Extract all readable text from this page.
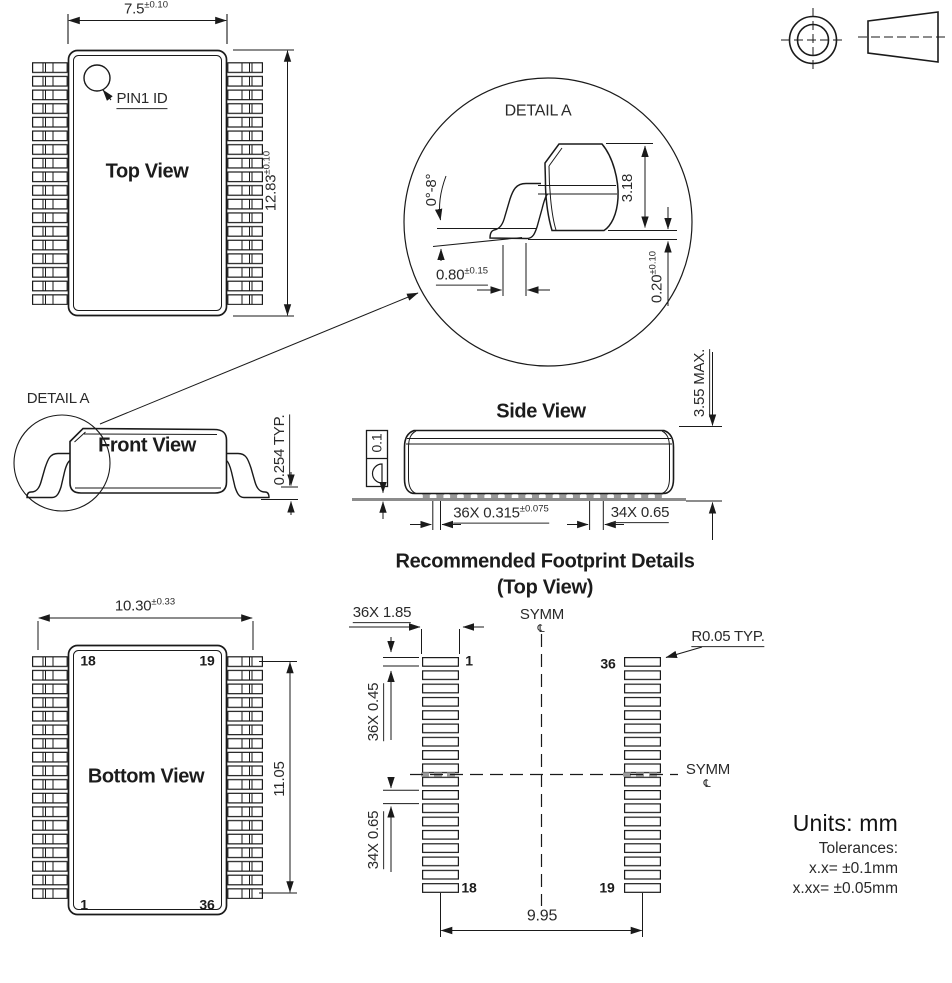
$7.5^{\pm 0.10}$
$12.83^{\pm 0.10}$
PIN1 ID
Top View
DETAIL A
0°-8°	3.18
$0.80^{\pm 0.15}$
$0.20^{\pm 0.10}$
DETAIL A
Front View	0.254 TYP.
Side View
0.1
3.55 MAX.
36X $0.315^{\pm 0.075}$	34X 0.65
Recommended Footprint Details
(Top View)
SYMM
℄
36X 1.85
R0.05 TYP.
36X 0.45
SYMM
℄
34X 0.65
9.95
1	36
18	19
$10.30^{\pm 0.33}$
Bottom View	11.05
18	19
1	36
Units: mm
Tolerances:
x.x= ±0.1mm
x.xx= ±0.05mm
